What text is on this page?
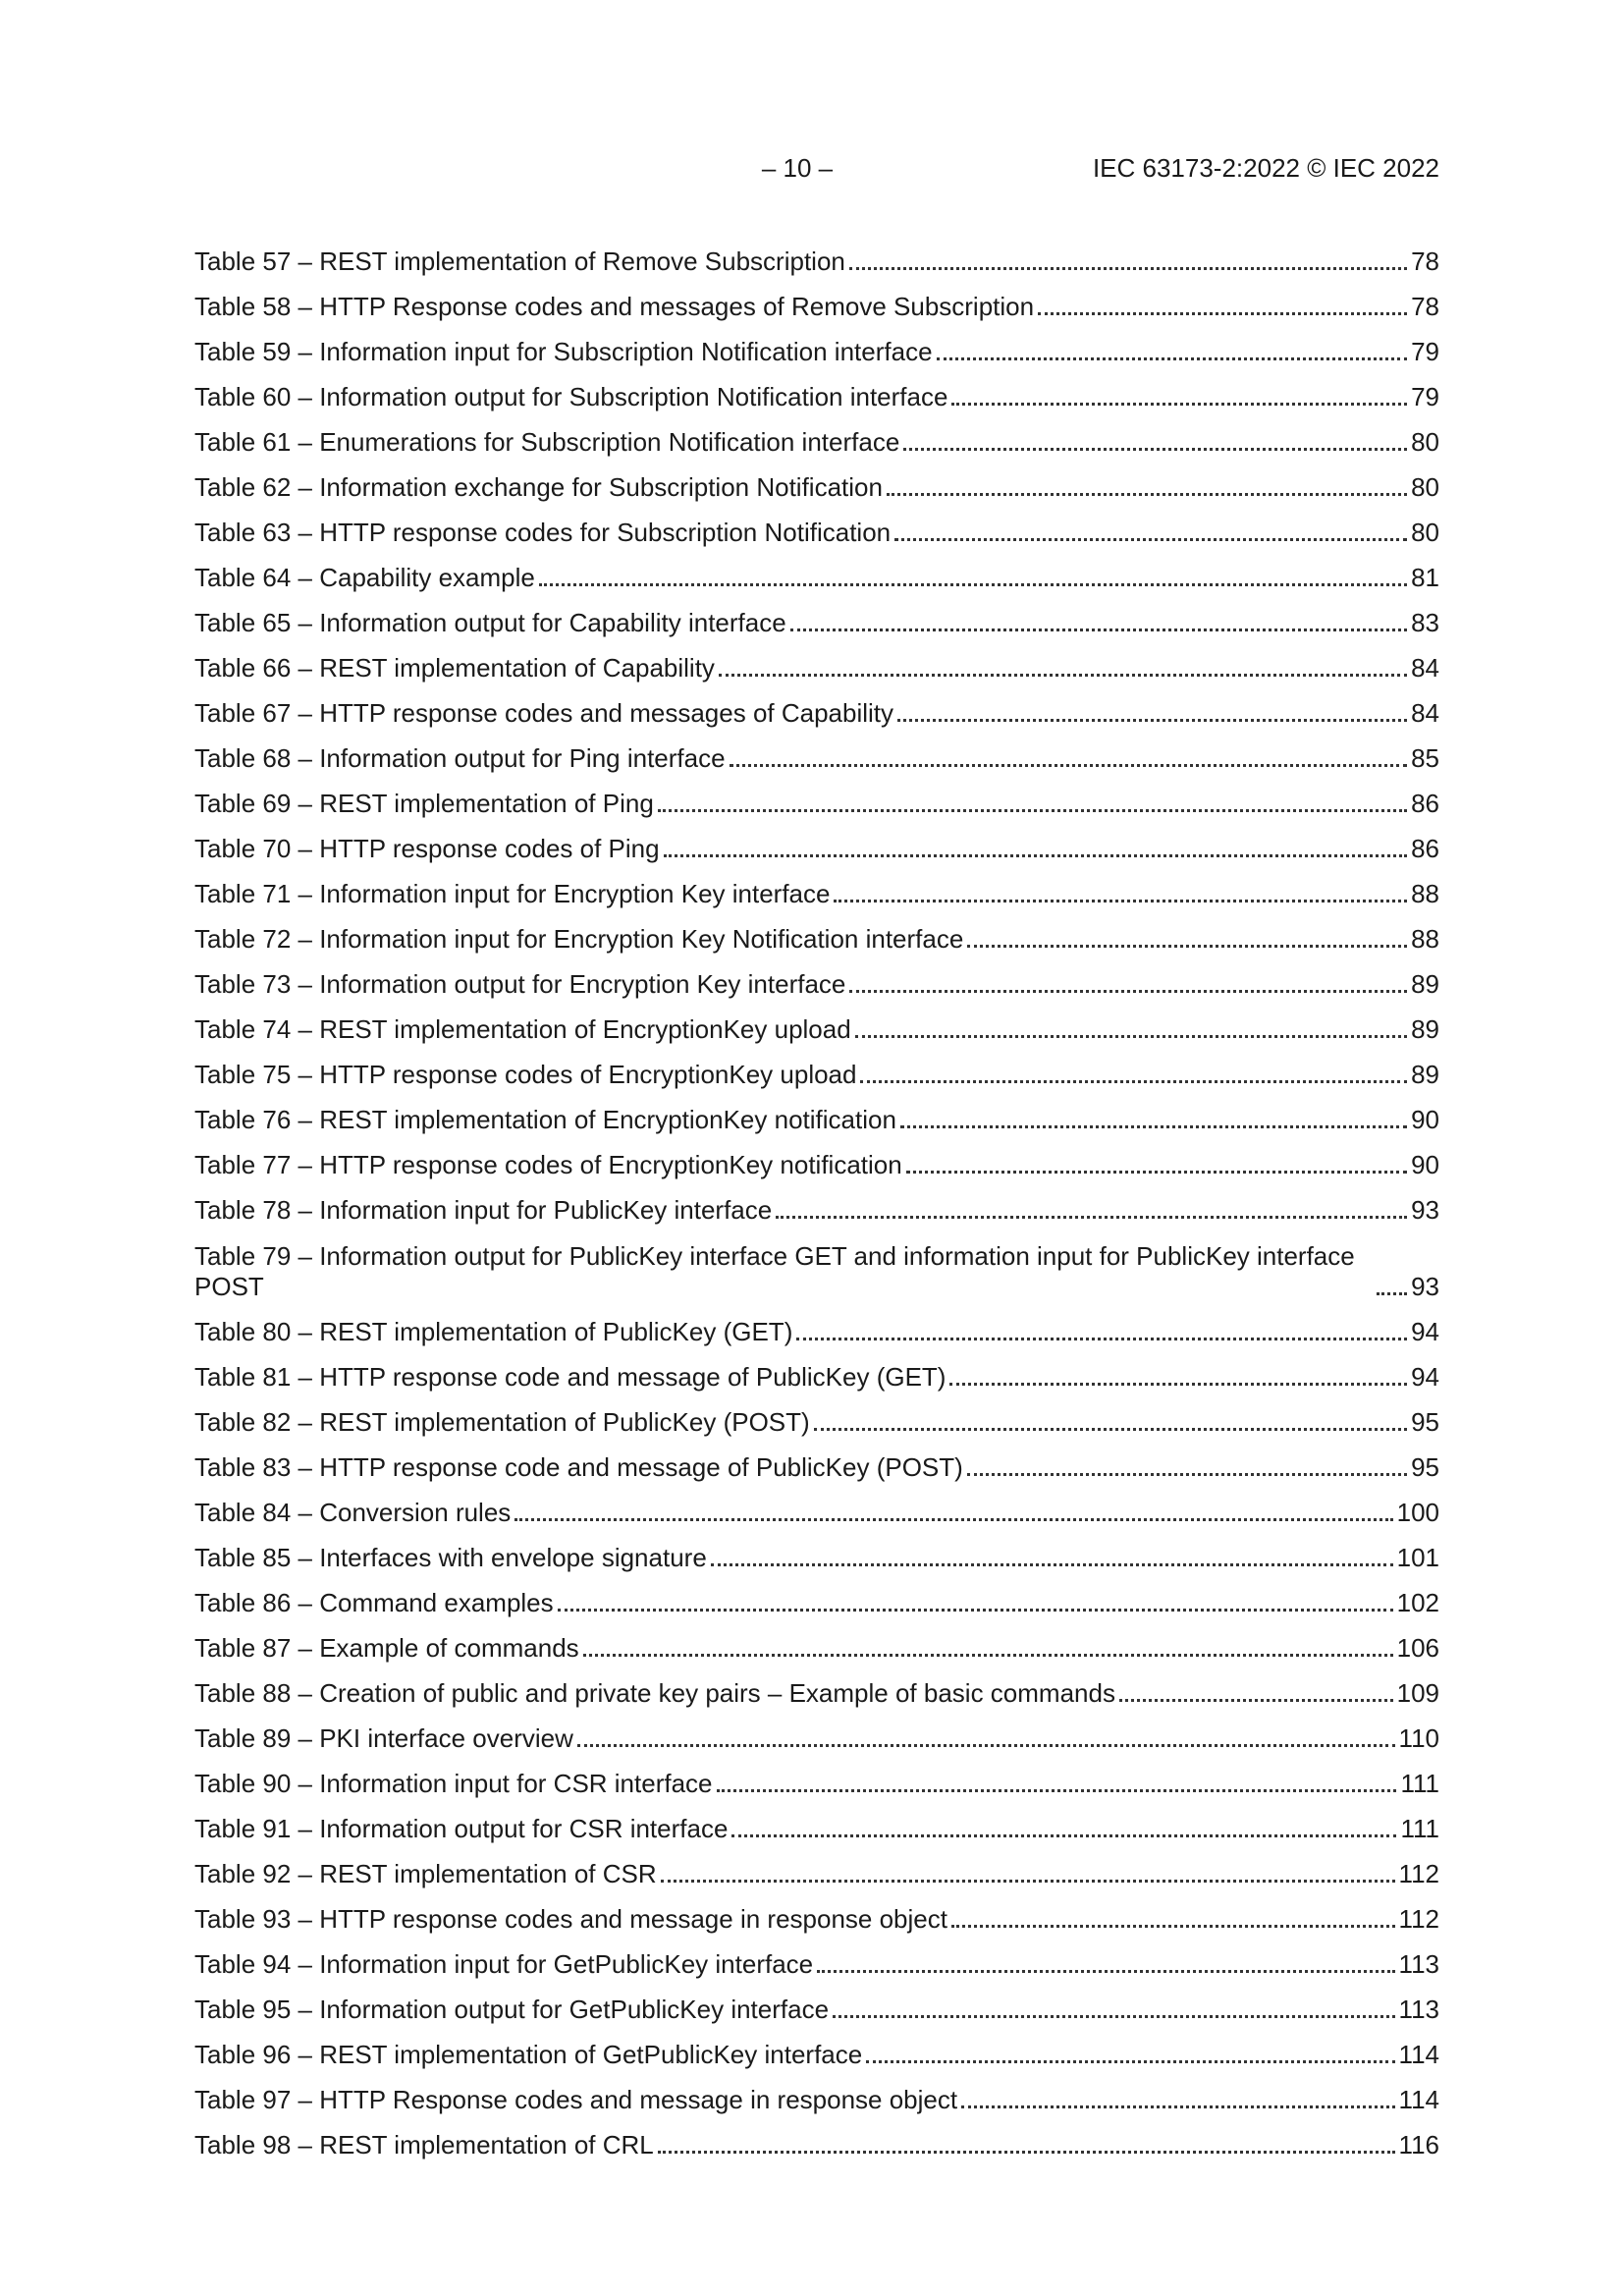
– 10 –	IEC 63173-2:2022 © IEC 2022
Table 57 – REST implementation of Remove Subscription	78
Table 58 – HTTP Response codes and messages of Remove Subscription	78
Table 59 – Information input for Subscription Notification interface	79
Table 60 – Information output for Subscription Notification interface	79
Table 61 – Enumerations for Subscription Notification interface	80
Table 62 – Information exchange for Subscription Notification	80
Table 63 – HTTP response codes for Subscription Notification	80
Table 64 – Capability example	81
Table 65 – Information output for Capability interface	83
Table 66 – REST implementation of Capability	84
Table 67 – HTTP response codes and messages of Capability	84
Table 68 – Information output for Ping interface	85
Table 69 – REST implementation of Ping	86
Table 70 – HTTP response codes of Ping	86
Table 71 – Information input for Encryption Key interface	88
Table 72 – Information input for Encryption Key Notification interface	88
Table 73 – Information output for Encryption Key interface	89
Table 74 – REST implementation of EncryptionKey upload	89
Table 75 – HTTP response codes of EncryptionKey upload	89
Table 76 – REST implementation of EncryptionKey notification	90
Table 77 – HTTP response codes of EncryptionKey notification	90
Table 78 – Information input for PublicKey interface	93
Table 79 – Information output for PublicKey interface GET and information input for PublicKey interface POST	93
Table 80 – REST implementation of PublicKey (GET)	94
Table 81 – HTTP response code and message of PublicKey (GET)	94
Table 82 – REST implementation of PublicKey (POST)	95
Table 83 – HTTP response code and message of PublicKey (POST)	95
Table 84 – Conversion rules	100
Table 85 – Interfaces with envelope signature	101
Table 86 – Command examples	102
Table 87 – Example of commands	106
Table 88 – Creation of public and private key pairs – Example of basic commands	109
Table 89 – PKI interface overview	110
Table 90 – Information input for CSR interface	111
Table 91 – Information output for CSR interface	111
Table 92 – REST implementation of CSR	112
Table 93 – HTTP response codes and message in response object	112
Table 94 – Information input for GetPublicKey interface	113
Table 95 – Information output for GetPublicKey interface	113
Table 96 – REST implementation of GetPublicKey interface	114
Table 97 – HTTP Response codes and message in response object	114
Table 98 – REST implementation of CRL	116
